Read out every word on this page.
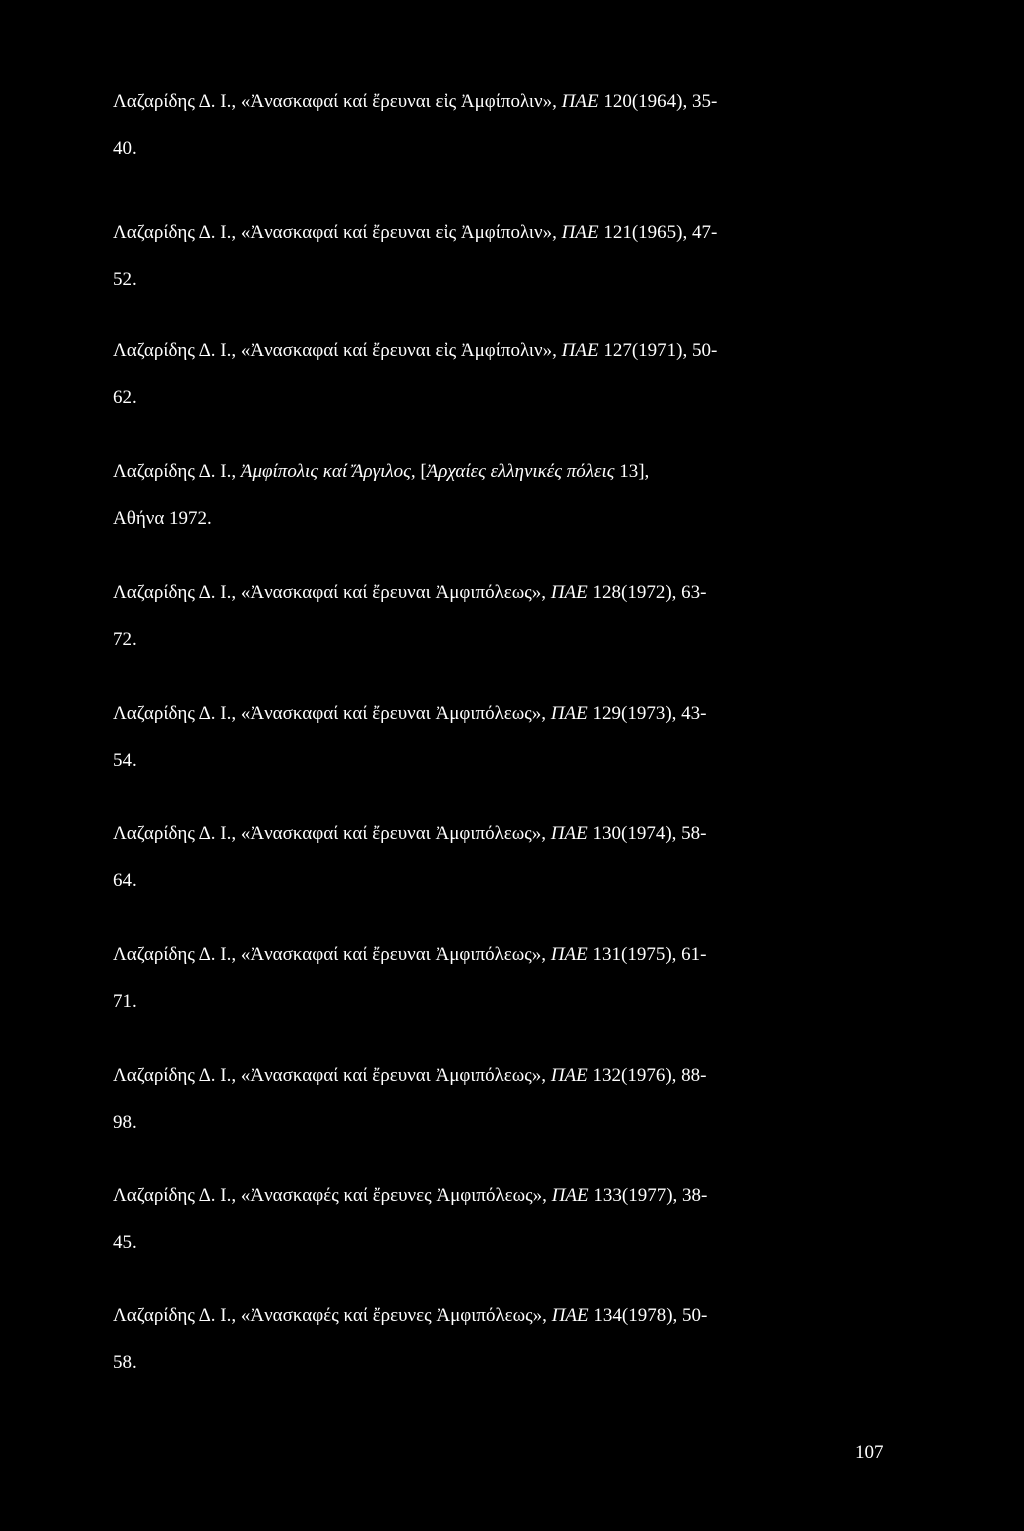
Λαζαρίδης Δ. Ι., «Ἀνασκαφαί καί ἔρευναι εἰς Ἀμφίπολιν», ΠΑΕ 120(1964), 35-
40.

Λαζαρίδης Δ. Ι., «Ἀνασκαφαί καί ἔρευναι εἰς Ἀμφίπολιν», ΠΑΕ 121(1965), 47-
52.

Λαζαρίδης Δ. Ι., «Ἀνασκαφαί καί ἔρευναι εἰς Ἀμφίπολιν», ΠΑΕ 127(1971), 50-
62.

Λαζαρίδης Δ. Ι., Ἀμφίπολις καί Ἄργιλος, [Ἀρχαίες ελληνικές πόλεις 13],
Αθήνα 1972.

Λαζαρίδης Δ. Ι., «Ἀνασκαφαί καί ἔρευναι Ἀμφιπόλεως», ΠΑΕ 128(1972), 63-
72.

Λαζαρίδης Δ. Ι., «Ἀνασκαφαί καί ἔρευναι Ἀμφιπόλεως», ΠΑΕ 129(1973), 43-
54.

Λαζαρίδης Δ. Ι., «Ἀνασκαφαί καί ἔρευναι Ἀμφιπόλεως», ΠΑΕ 130(1974), 58-
64.

Λαζαρίδης Δ. Ι., «Ἀνασκαφαί καί ἔρευναι Ἀμφιπόλεως», ΠΑΕ 131(1975), 61-
71.

Λαζαρίδης Δ. Ι., «Ἀνασκαφαί καί ἔρευναι Ἀμφιπόλεως», ΠΑΕ 132(1976), 88-
98.

Λαζαρίδης Δ. Ι., «Ἀνασκαφές καί ἔρευνες Ἀμφιπόλεως», ΠΑΕ 133(1977), 38-
45.

Λαζαρίδης Δ. Ι., «Ἀνασκαφές καί ἔρευνες Ἀμφιπόλεως», ΠΑΕ 134(1978), 50-
58.

107
